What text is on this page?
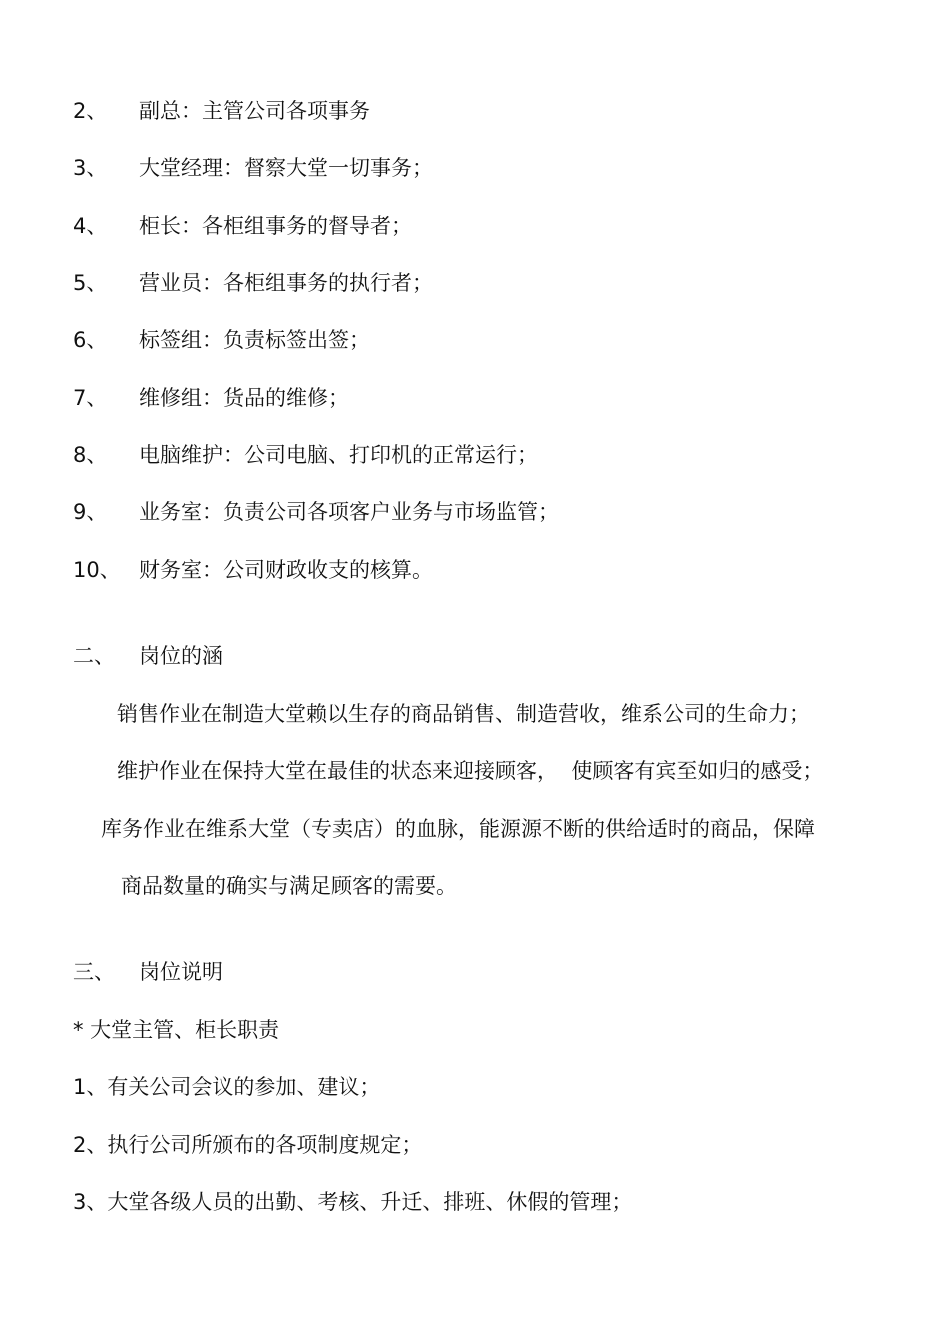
2、 副总：主管公司各项事务
3、 大堂经理：督察大堂一切事务；
4、 柜长：各柜组事务的督导者；
5、 营业员：各柜组事务的执行者；
6、 标签组：负责标签出签；
7、 维修组：货品的维修；
8、 电脑维护：公司电脑、打印机的正常运行；
9、 业务室：负责公司各项客户业务与市场监管；
10、 财务室：公司财政收支的核算。
二、 岗位的涵

销售作业在制造大堂赖以生存的商品销售、制造营收，维系公司的生命力；

维护作业在保持大堂在最佳的状态来迎接顾客，  使顾客有宾至如归的感受；

库务作业在维系大堂（专卖店）的血脉，能源源不断的供给适时的商品，保障

商品数量的确实与满足顾客的需要。

三、 岗位说明

* 大堂主管、柜长职责

1、有关公司会议的参加、建议；

2、执行公司所颁布的各项制度规定；

3、大堂各级人员的出勤、考核、升迁、排班、休假的管理；
